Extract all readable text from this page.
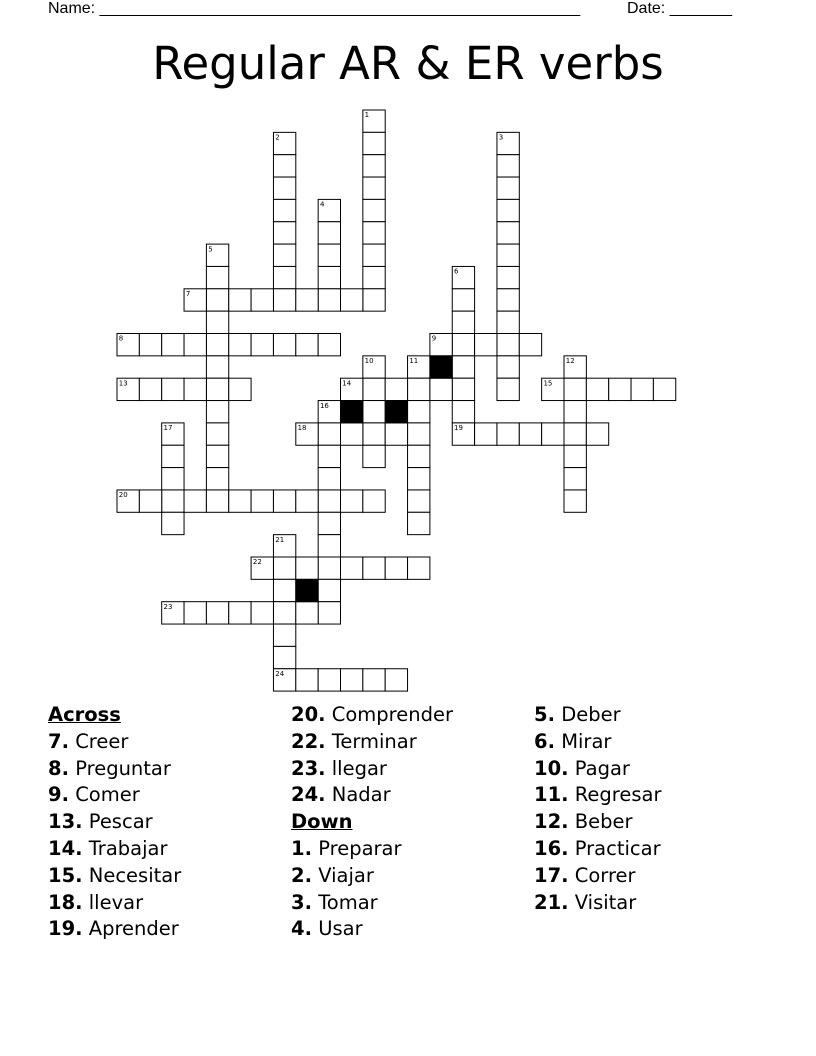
Name: ______________________________________________________	Date: _______
Regular AR & ER verbs
1
2	3
4
5
6
7
8	9
10	11	12
13	14	15
16
17	18	19
20
21
22
23
24
Across
7. Creer
8. Preguntar
9. Comer
13. Pescar
14. Trabajar
15. Necesitar
18. llevar
19. Aprender
20. Comprender
22. Terminar
23. llegar
24. Nadar
Down
1. Preparar
2. Viajar
3. Tomar
4. Usar
5. Deber
6. Mirar
10. Pagar
11. Regresar
12. Beber
16. Practicar
17. Correr
21. Visitar
